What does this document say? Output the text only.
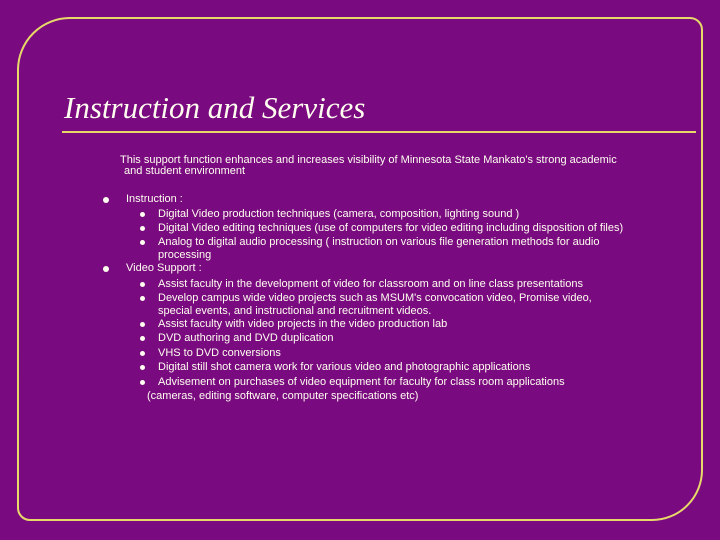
Instruction and Services
This support function enhances and increases visibility of Minnesota State Mankato's strong academic
and student environment
Instruction :
Digital Video production techniques (camera, composition, lighting sound )
Digital Video editing techniques (use of computers for video editing including disposition of files)
Analog to digital audio processing ( instruction on various file generation methods for audio
processing
Video Support :
Assist faculty in the development of video for classroom and on line class presentations
Develop campus wide video projects such as MSUM's convocation video, Promise video,
special events, and instructional and recruitment videos.
Assist faculty with video projects in the video production lab
DVD authoring and DVD duplication
VHS to DVD conversions
Digital still shot camera work for various video and photographic applications
Advisement on purchases of video equipment for faculty for class room applications
(cameras, editing software, computer specifications etc)
